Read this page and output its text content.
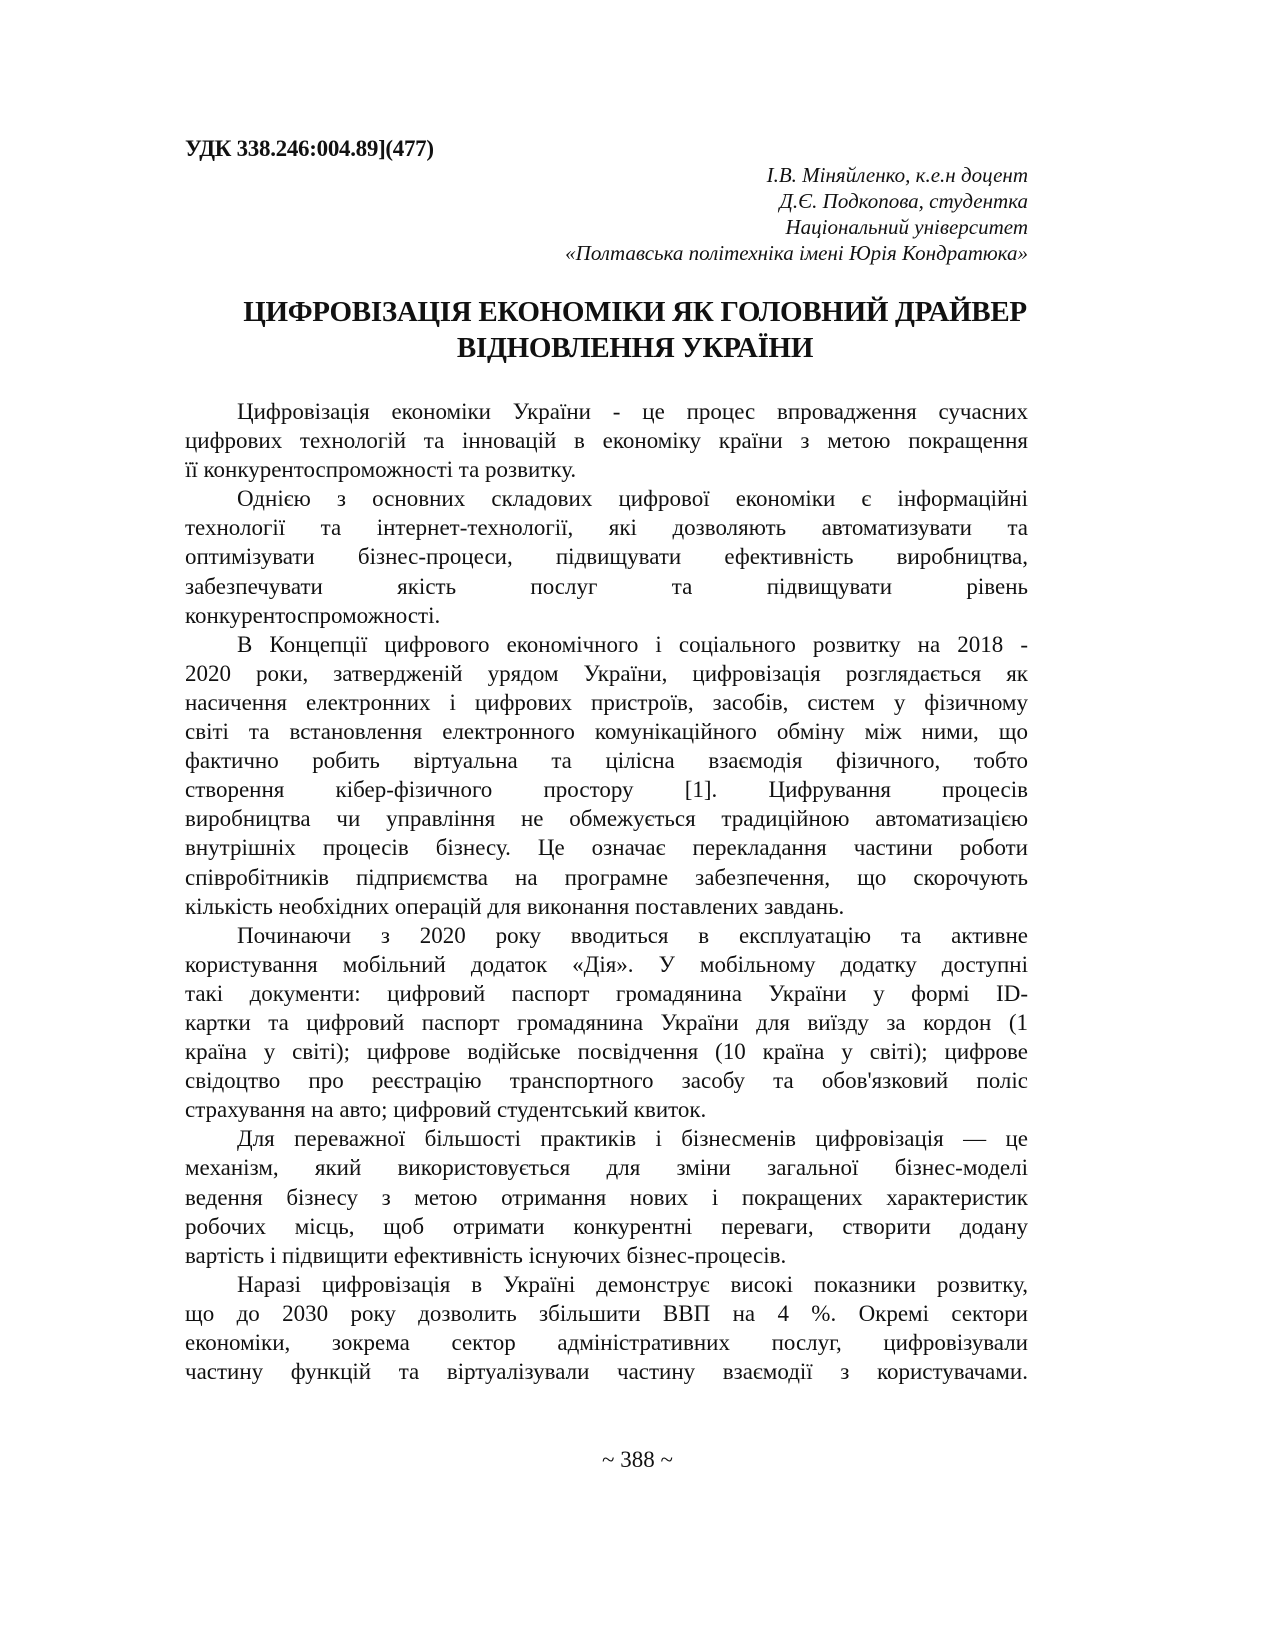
УДК 338.246:004.89](477)
І.В. Міняйленко, к.е.н доцент
Д.Є. Подкопова, студентка
Національний університет
«Полтавська політехніка імені Юрія Кондратюка»
ЦИФРОВІЗАЦІЯ ЕКОНОМІКИ ЯК ГОЛОВНИЙ ДРАЙВЕР
ВІДНОВЛЕННЯ УКРАЇНИ
Цифровізація економіки України - це процес впровадження сучасних
цифрових технологій та інновацій в економіку країни з метою покращення
її конкурентоспроможності та розвитку.
Однією з основних складових цифрової економіки є інформаційні
технології та інтернет-технології, які дозволяють автоматизувати та
оптимізувати бізнес-процеси, підвищувати ефективність виробництва,
забезпечувати якість послуг та підвищувати рівень
конкурентоспроможності.
В Концепції цифрового економічного і соціального розвитку на 2018 -
2020 роки, затвердженій урядом України, цифровізація розглядається як
насичення електронних і цифрових пристроїв, засобів, систем у фізичному
світі та встановлення електронного комунікаційного обміну між ними, що
фактично робить віртуальна та цілісна взаємодія фізичного, тобто
створення кібер-фізичного простору [1]. Цифрування процесів
виробництва чи управління не обмежується традиційною автоматизацією
внутрішніх процесів бізнесу. Це означає перекладання частини роботи
співробітників підприємства на програмне забезпечення, що скорочують
кількість необхідних операцій для виконання поставлених завдань.
Починаючи з 2020 року вводиться в експлуатацію та активне
користування мобільний додаток «Дія». У мобільному додатку доступні
такі документи: цифровий паспорт громадянина України у формі ID-
картки та цифровий паспорт громадянина України для виїзду за кордон (1
країна у світі); цифрове водійське посвідчення (10 країна у світі); цифрове
свідоцтво про реєстрацію транспортного засобу та обов'язковий поліс
страхування на авто; цифровий студентський квиток.
Для переважної більшості практиків і бізнесменів цифровізація — це
механізм, який використовується для зміни загальної бізнес-моделі
ведення бізнесу з метою отримання нових і покращених характеристик
робочих місць, щоб отримати конкурентні переваги, створити додану
вартість і підвищити ефективність існуючих бізнес-процесів.
Наразі цифровізація в Україні демонструє високі показники розвитку,
що до 2030 року дозволить збільшити ВВП на 4 %. Окремі сектори
економіки, зокрема сектор адміністративних послуг, цифровізували
частину функцій та віртуалізували частину взаємодії з користувачами.
~ 388 ~
